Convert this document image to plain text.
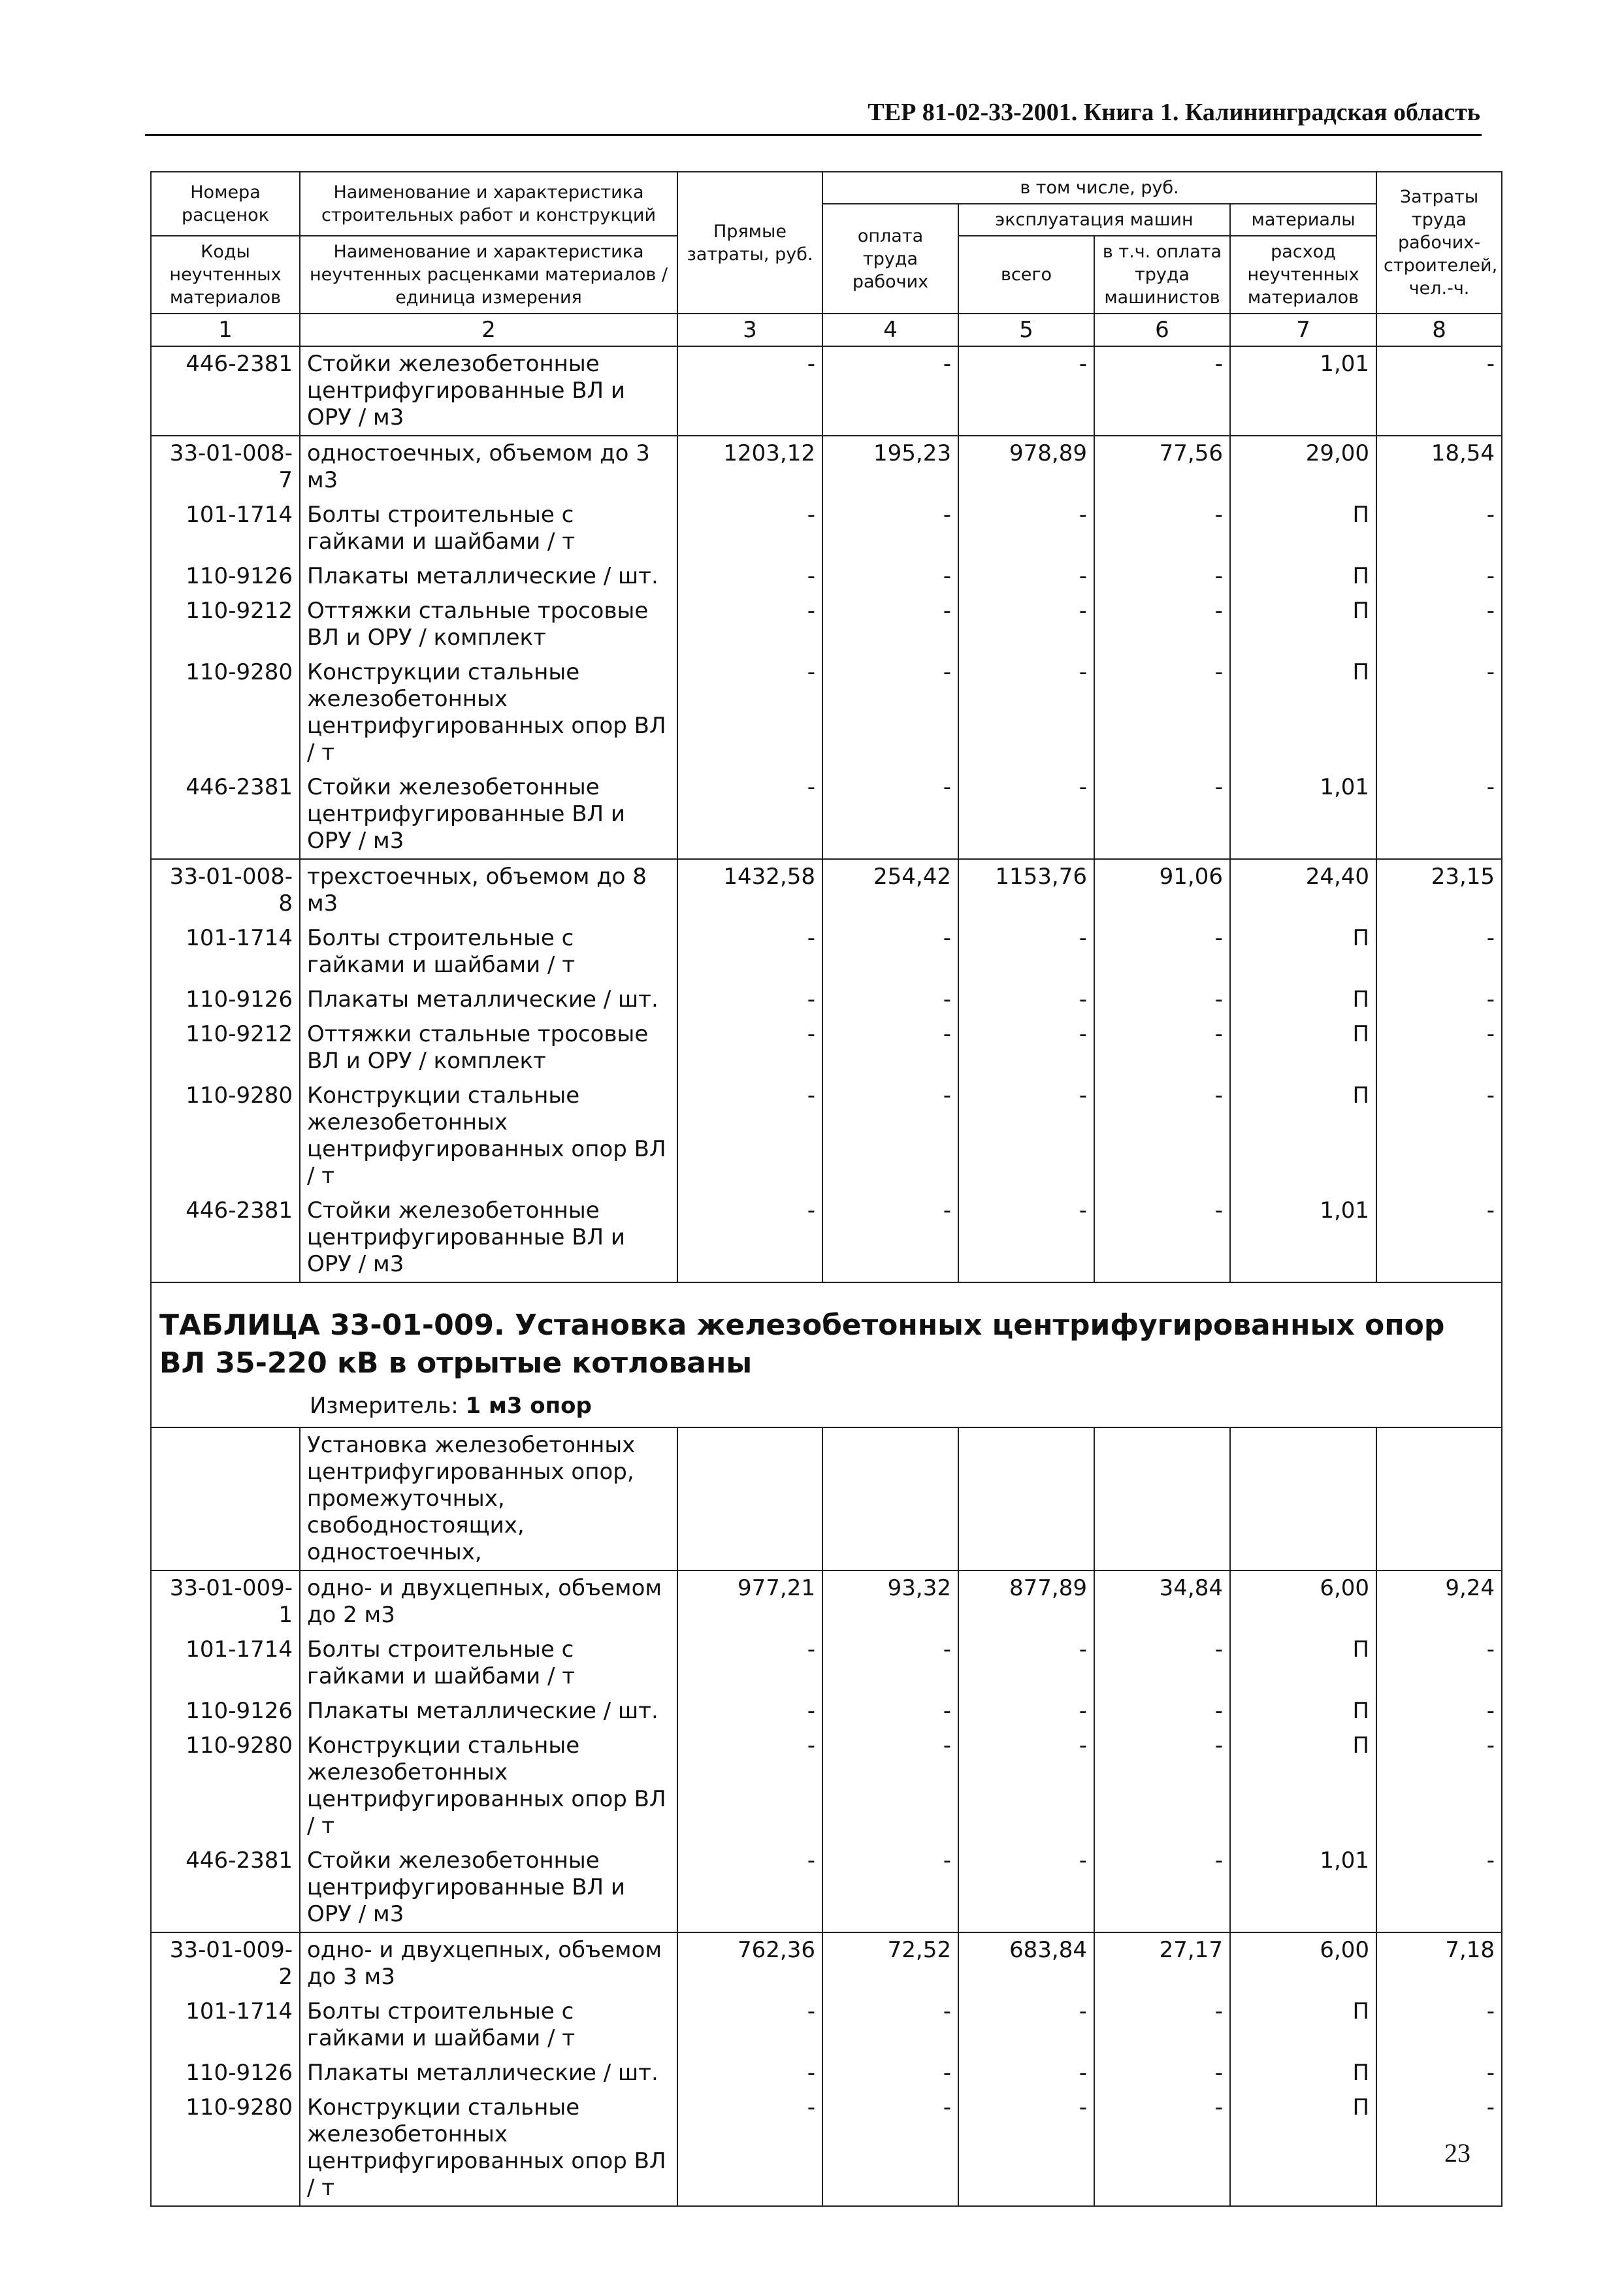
ТЕР 81-02-33-2001. Книга 1. Калининградская область
Номера расценок	Наименование и характеристика строительных работ и конструкций	Прямые затраты, руб.	в том числе, руб.				Затраты труда рабочих-строителей, чел.-ч.
			оплата труда рабочих	эксплуатация машин		материалы	
Коды неучтенных материалов	Наименование и характеристика неучтенных расценками материалов / единица измерения			всего	в т.ч. оплата труда машинистов	расход неучтенных материалов	
1	2	3	4	5	6	7	8
446-2381	Стойки железобетонные центрифугированные ВЛ и ОРУ / м3	-	-	-	-	1,01	-
33-01-008-7	одностоечных, объемом до 3 м3	1203,12	195,23	978,89	77,56	29,00	18,54
101-1714	Болты строительные с гайками и шайбами / т	-	-	-	-	П	-
110-9126	Плакаты металлические / шт.	-	-	-	-	П	-
110-9212	Оттяжки стальные тросовые ВЛ и ОРУ / комплект	-	-	-	-	П	-
110-9280	Конструкции стальные железобетонных центрифугированных опор ВЛ / т	-	-	-	-	П	-
446-2381	Стойки железобетонные центрифугированные ВЛ и ОРУ / м3	-	-	-	-	1,01	-
33-01-008-8	трехстоечных, объемом до 8 м3	1432,58	254,42	1153,76	91,06	24,40	23,15
101-1714	Болты строительные с гайками и шайбами / т	-	-	-	-	П	-
110-9126	Плакаты металлические / шт.	-	-	-	-	П	-
110-9212	Оттяжки стальные тросовые ВЛ и ОРУ / комплект	-	-	-	-	П	-
110-9280	Конструкции стальные железобетонных центрифугированных опор ВЛ / т	-	-	-	-	П	-
446-2381	Стойки железобетонные центрифугированные ВЛ и ОРУ / м3	-	-	-	-	1,01	-

ТАБЛИЦА 33-01-009. Установка железобетонных центрифугированных опор ВЛ 35-220 кВ в отрытые котлованы
Измеритель: 1 м3 опор							

	Установка железобетонных центрифугированных опор, промежуточных, свободностоящих, одностоечных,						
33-01-009-1	одно- и двухцепных, объемом до 2 м3	977,21	93,32	877,89	34,84	6,00	9,24
101-1714	Болты строительные с гайками и шайбами / т	-	-	-	-	П	-
110-9126	Плакаты металлические / шт.	-	-	-	-	П	-
110-9280	Конструкции стальные железобетонных центрифугированных опор ВЛ / т	-	-	-	-	П	-
446-2381	Стойки железобетонные центрифугированные ВЛ и ОРУ / м3	-	-	-	-	1,01	-
33-01-009-2	одно- и двухцепных, объемом до 3 м3	762,36	72,52	683,84	27,17	6,00	7,18
101-1714	Болты строительные с гайками и шайбами / т	-	-	-	-	П	-
110-9126	Плакаты металлические / шт.	-	-	-	-	П	-
110-9280	Конструкции стальные железобетонных центрифугированных опор ВЛ / т	-	-	-	-	П	-
23
